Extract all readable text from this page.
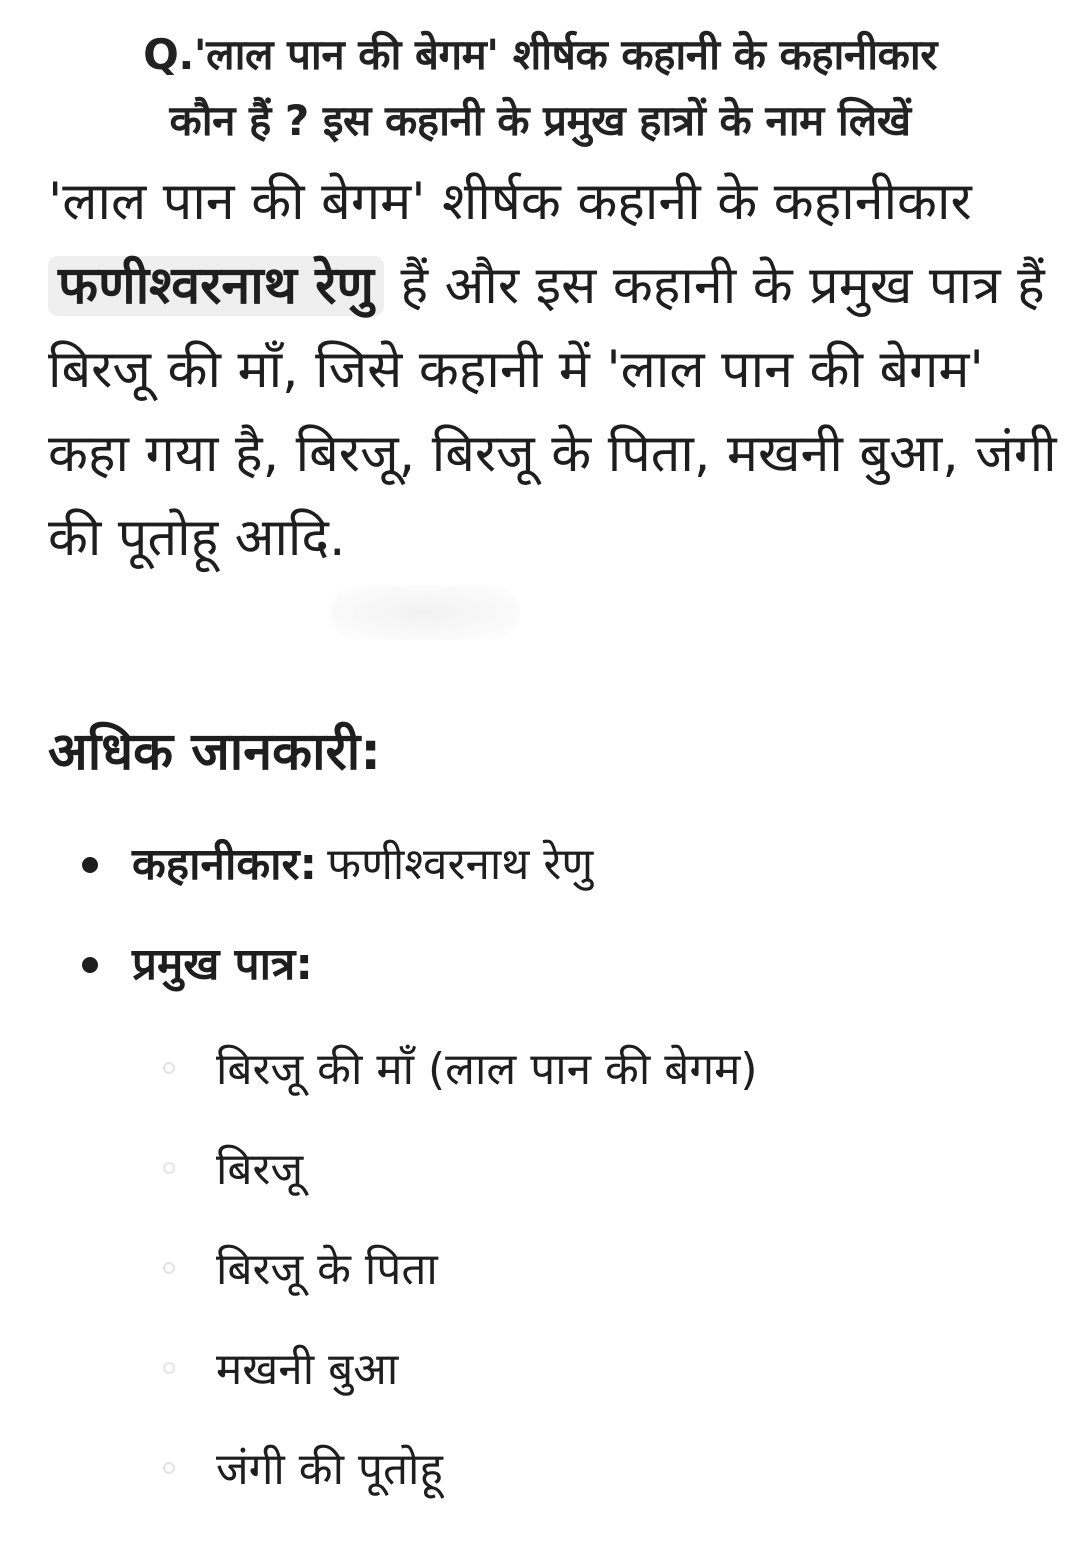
Q.'लाल पान की बेगम' शीर्षक कहानी के कहानीकार
कौन हैं ? इस कहानी के प्रमुख हात्रों के नाम लिखें
'लाल पान की बेगम' शीर्षक कहानी के कहानीकार फणीश्वरनाथ रेणु हैं और इस कहानी के प्रमुख पात्र हैं बिरजू की माँ, जिसे कहानी में 'लाल पान की बेगम' कहा गया है, बिरजू, बिरजू के पिता, मखनी बुआ, जंगी की पूतोहू आदि.
अधिक जानकारी:
कहानीकार: फणीश्वरनाथ रेणु
प्रमुख पात्र:
बिरजू की माँ (लाल पान की बेगम)
बिरजू
बिरजू के पिता
मखनी बुआ
जंगी की पूतोहू
